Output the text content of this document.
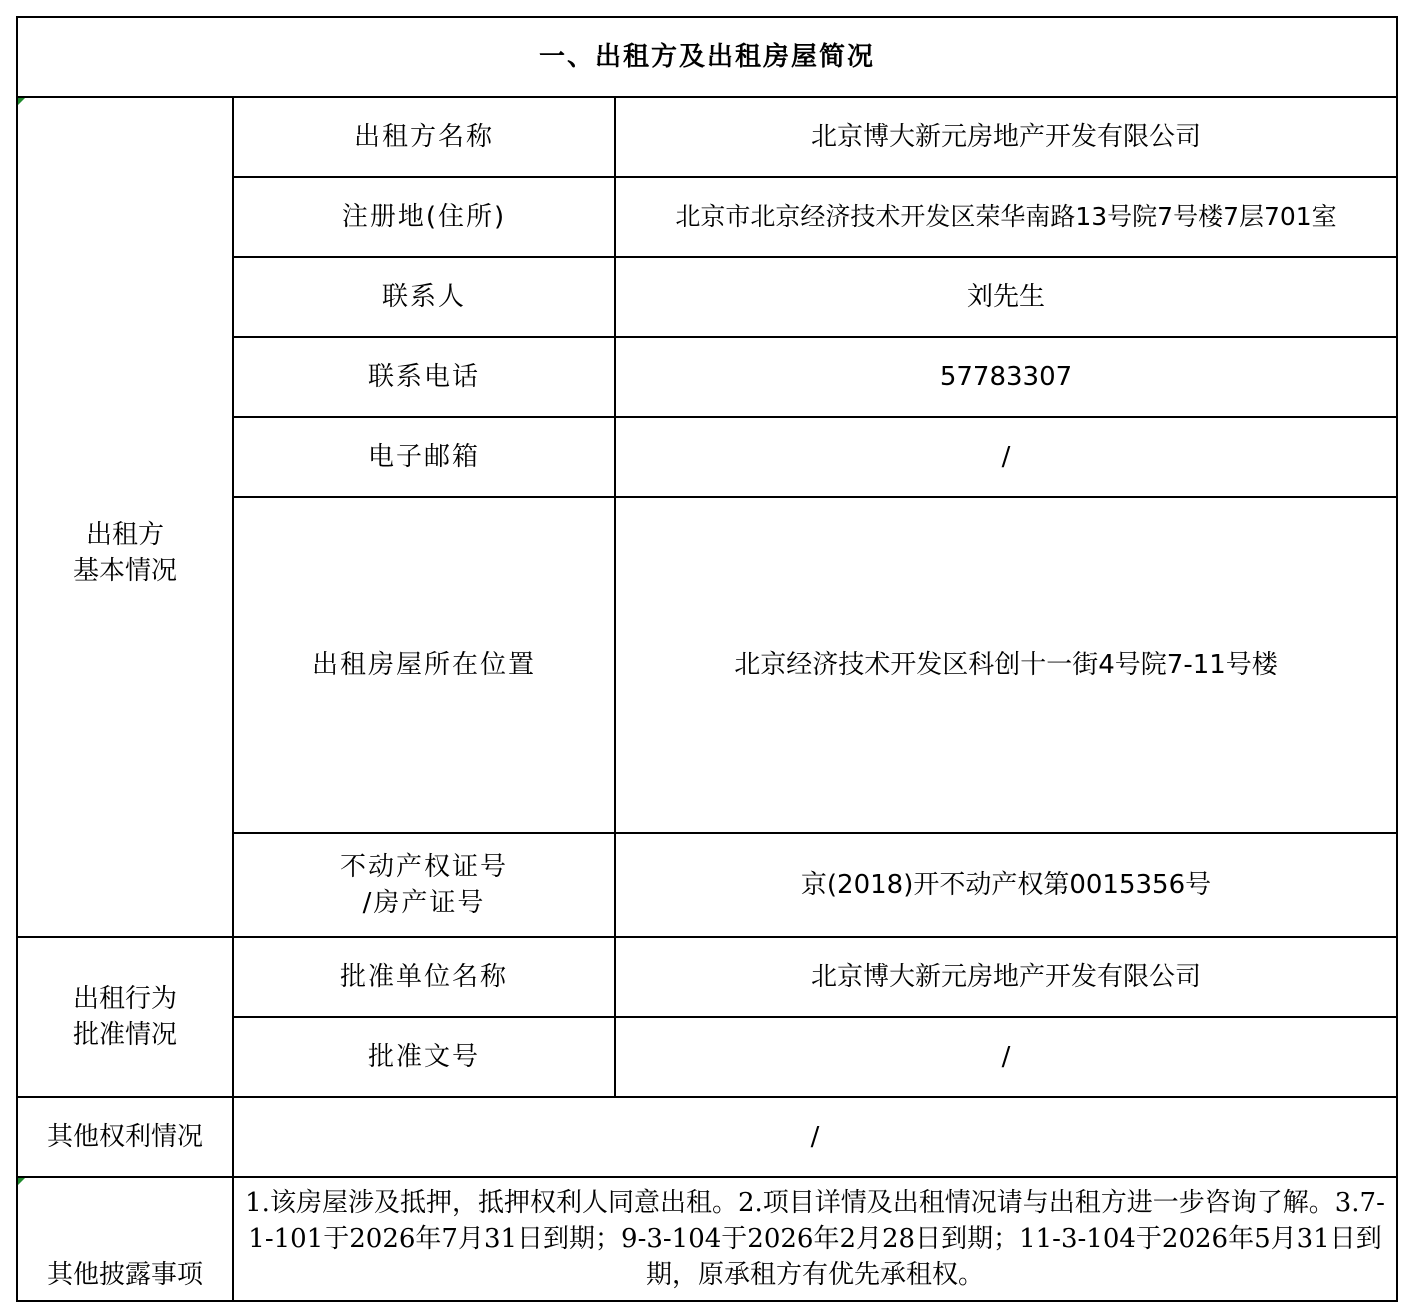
一、出租方及出租房屋简况		

出租方
基本情况	出租方名称	北京博大新元房地产开发有限公司
	注册地(住所)	北京市北京经济技术开发区荣华南路13号院7号楼7层701室
	联系人	刘先生
	联系电话	57783307
	电子邮箱	/
	出租房屋所在位置	北京经济技术开发区科创十一街4号院7-11号楼
	不动产权证号
/房产证号	京(2018)开不动产权第0015356号
出租行为
批准情况	批准单位名称	北京博大新元房地产开发有限公司
	批准文号	/
其他权利情况	/	

其他披露事项	1.该房屋涉及抵押，抵押权利人同意出租。2.项目详情及出租情况请与出租方进一步咨询了解。3.7-1-101于2026年7月31日到期；9-3-104于2026年2月28日到期；11-3-104于2026年5月31日到期，原承租方有优先承租权。	
